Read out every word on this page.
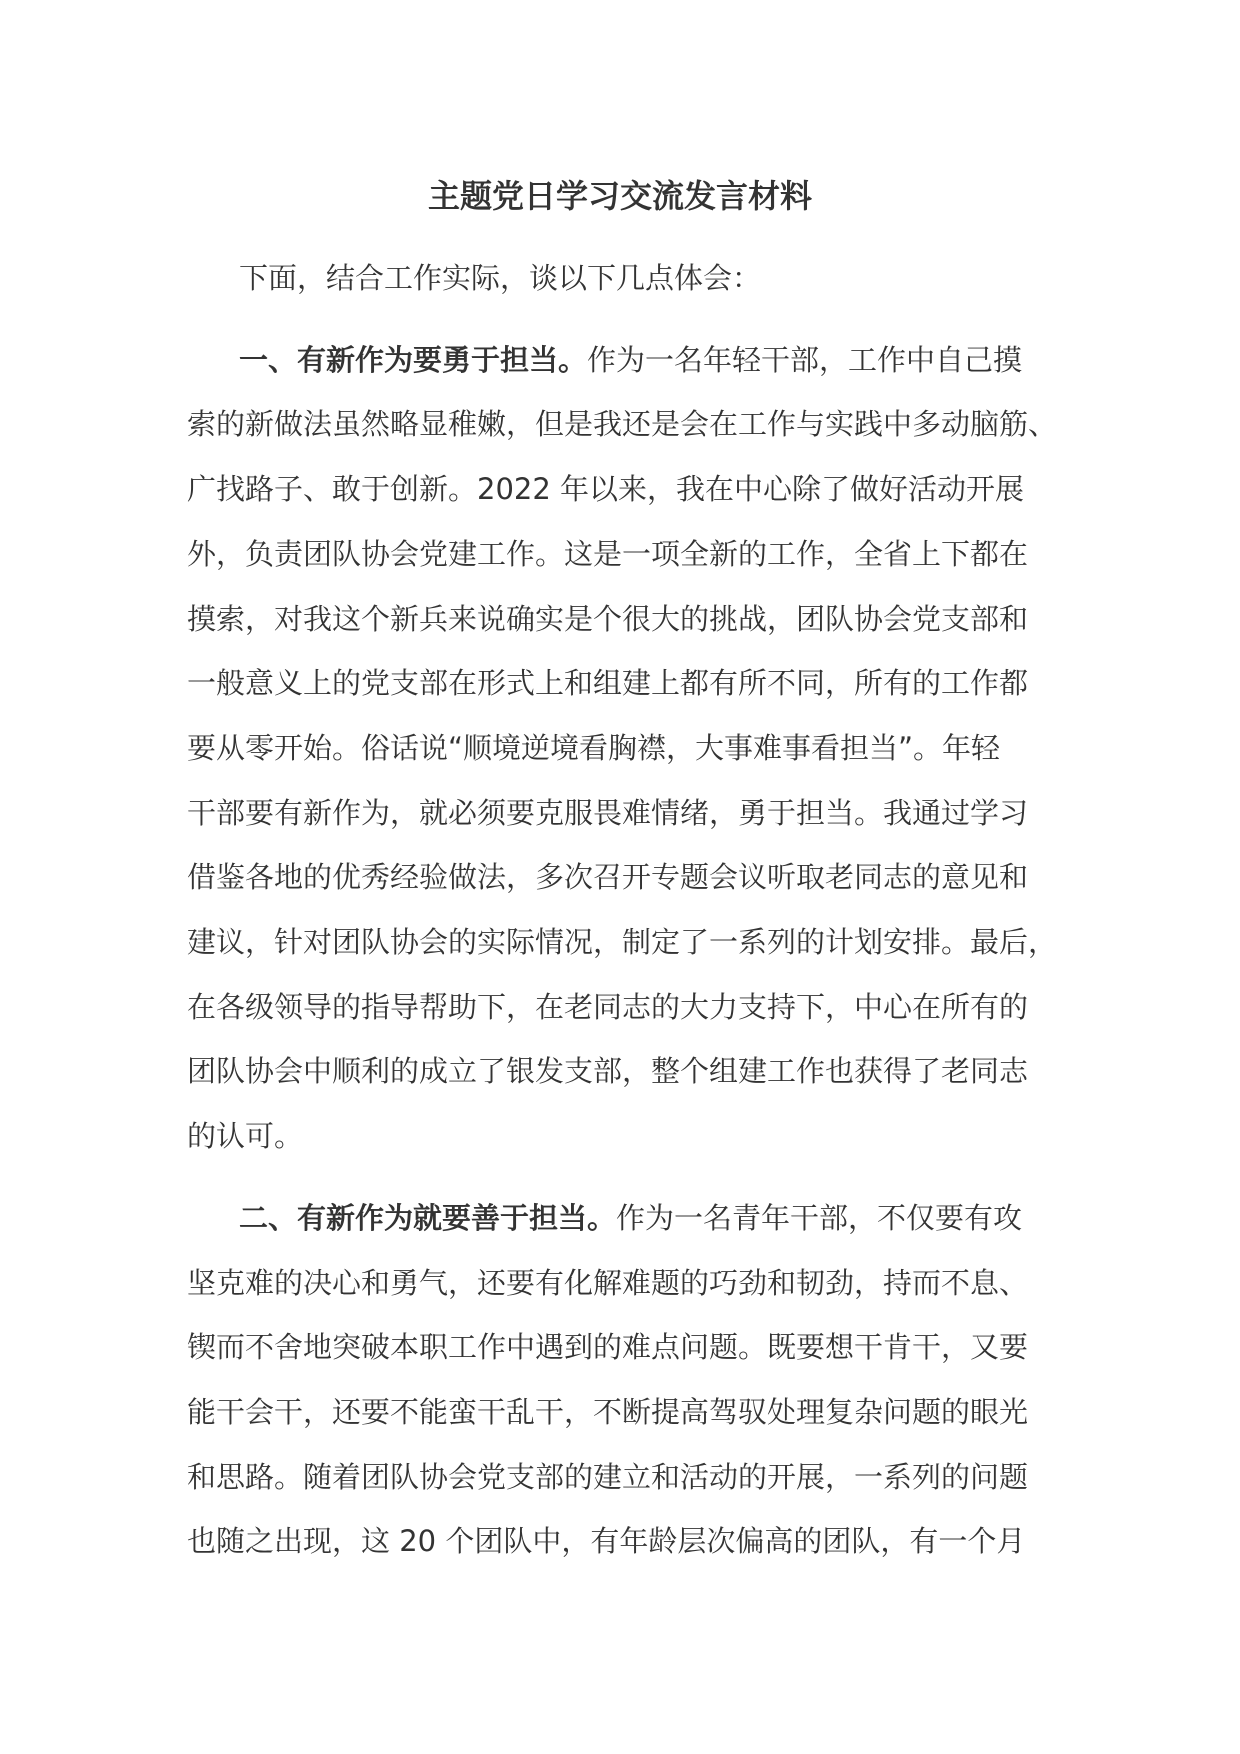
主题党日学习交流发言材料

下面，结合工作实际，谈以下几点体会：

一、有新作为要勇于担当。作为一名年轻干部，工作中自己摸
索的新做法虽然略显稚嫩，但是我还是会在工作与实践中多动脑筋、
广找路子、敢于创新。2022 年以来，我在中心除了做好活动开展
外，负责团队协会党建工作。这是一项全新的工作，全省上下都在
摸索，对我这个新兵来说确实是个很大的挑战，团队协会党支部和
一般意义上的党支部在形式上和组建上都有所不同，所有的工作都
要从零开始。俗话说“顺境逆境看胸襟，大事难事看担当”。年轻
干部要有新作为，就必须要克服畏难情绪，勇于担当。我通过学习
借鉴各地的优秀经验做法，多次召开专题会议听取老同志的意见和
建议，针对团队协会的实际情况，制定了一系列的计划安排。最后，
在各级领导的指导帮助下，在老同志的大力支持下，中心在所有的
团队协会中顺利的成立了银发支部，整个组建工作也获得了老同志
的认可。

二、有新作为就要善于担当。作为一名青年干部，不仅要有攻
坚克难的决心和勇气，还要有化解难题的巧劲和韧劲，持而不息、
锲而不舍地突破本职工作中遇到的难点问题。既要想干肯干，又要
能干会干，还要不能蛮干乱干，不断提高驾驭处理复杂问题的眼光
和思路。随着团队协会党支部的建立和活动的开展，一系列的问题
也随之出现，这 20 个团队中，有年龄层次偏高的团队，有一个月
